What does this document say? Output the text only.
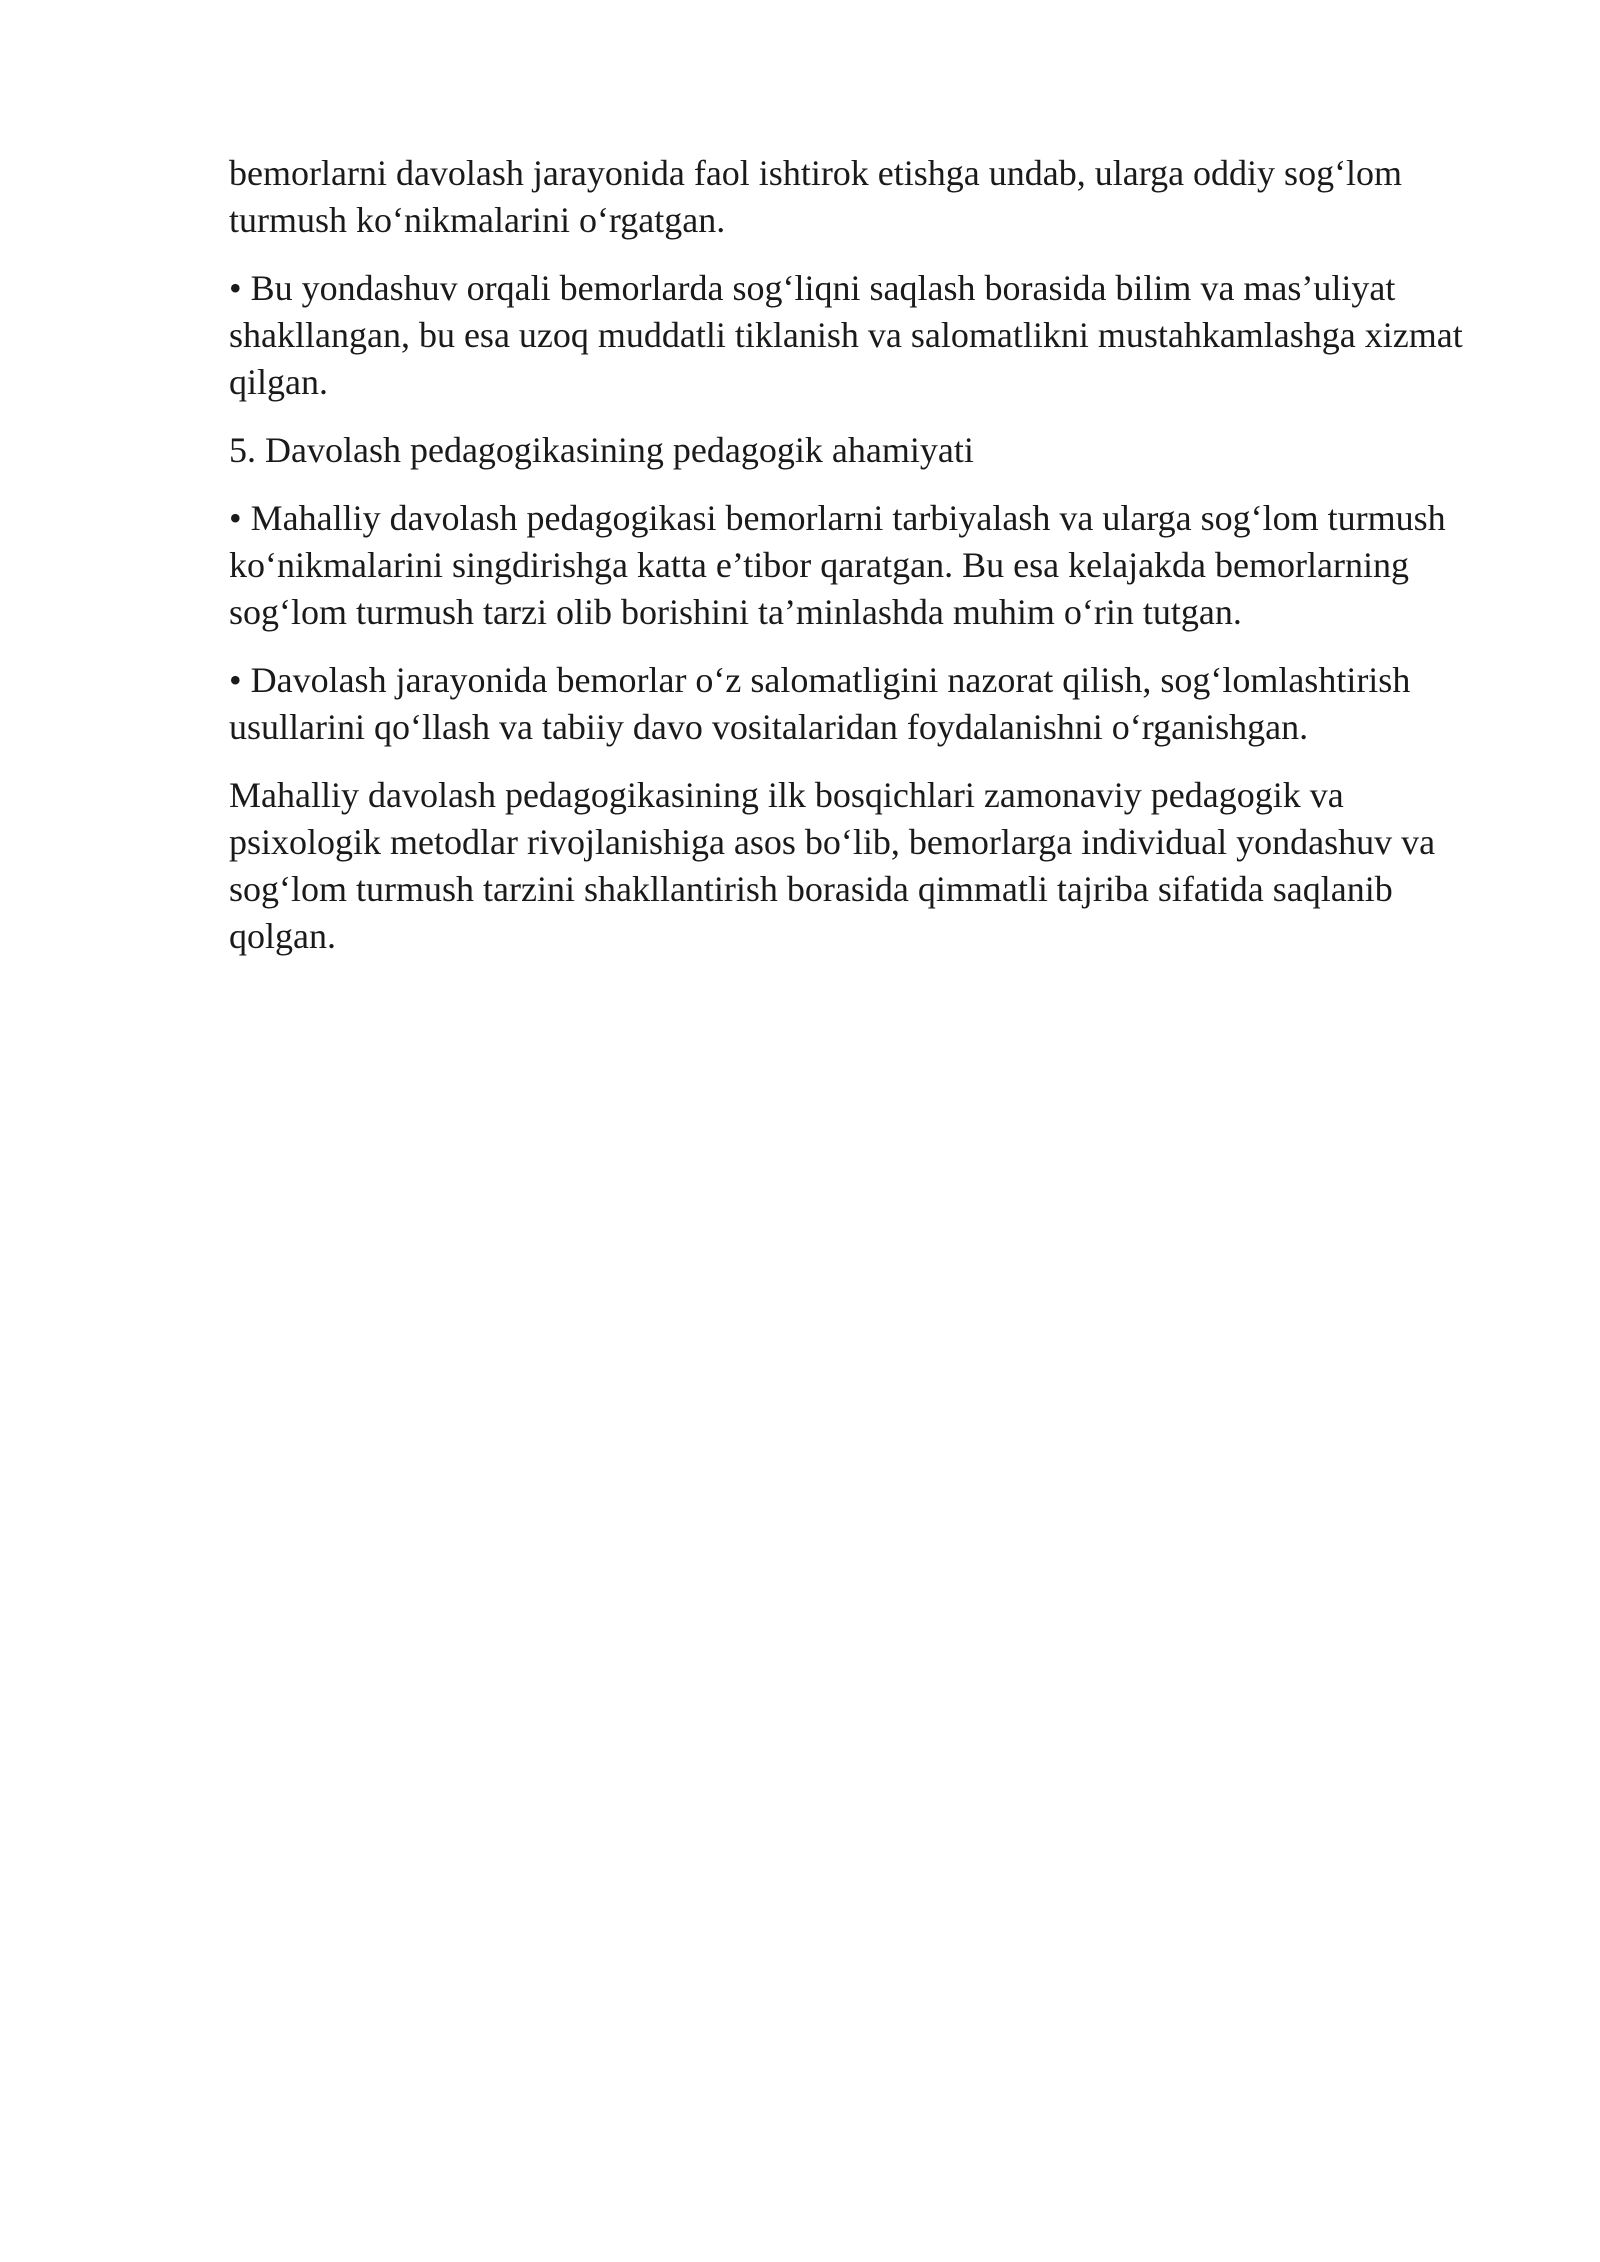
bemorlarni davolash jarayonida faol ishtirok etishga undab, ularga oddiy sog‘lom turmush ko‘nikmalarini o‘rgatgan.

• Bu yondashuv orqali bemorlarda sog‘liqni saqlash borasida bilim va mas’uliyat shakllangan, bu esa uzoq muddatli tiklanish va salomatlikni mustahkamlashga xizmat qilgan.

5. Davolash pedagogikasining pedagogik ahamiyati

• Mahalliy davolash pedagogikasi bemorlarni tarbiyalash va ularga sog‘lom turmush ko‘nikmalarini singdirishga katta e’tibor qaratgan. Bu esa kelajakda bemorlarning sog‘lom turmush tarzi olib borishini ta’minlashda muhim o‘rin tutgan.

• Davolash jarayonida bemorlar o‘z salomatligini nazorat qilish, sog‘lomlashtirish usullarini qo‘llash va tabiiy davo vositalaridan foydalanishni o‘rganishgan.

Mahalliy davolash pedagogikasining ilk bosqichlari zamonaviy pedagogik va psixologik metodlar rivojlanishiga asos bo‘lib, bemorlarga individual yondashuv va sog‘lom turmush tarzini shakllantirish borasida qimmatli tajriba sifatida saqlanib qolgan.
